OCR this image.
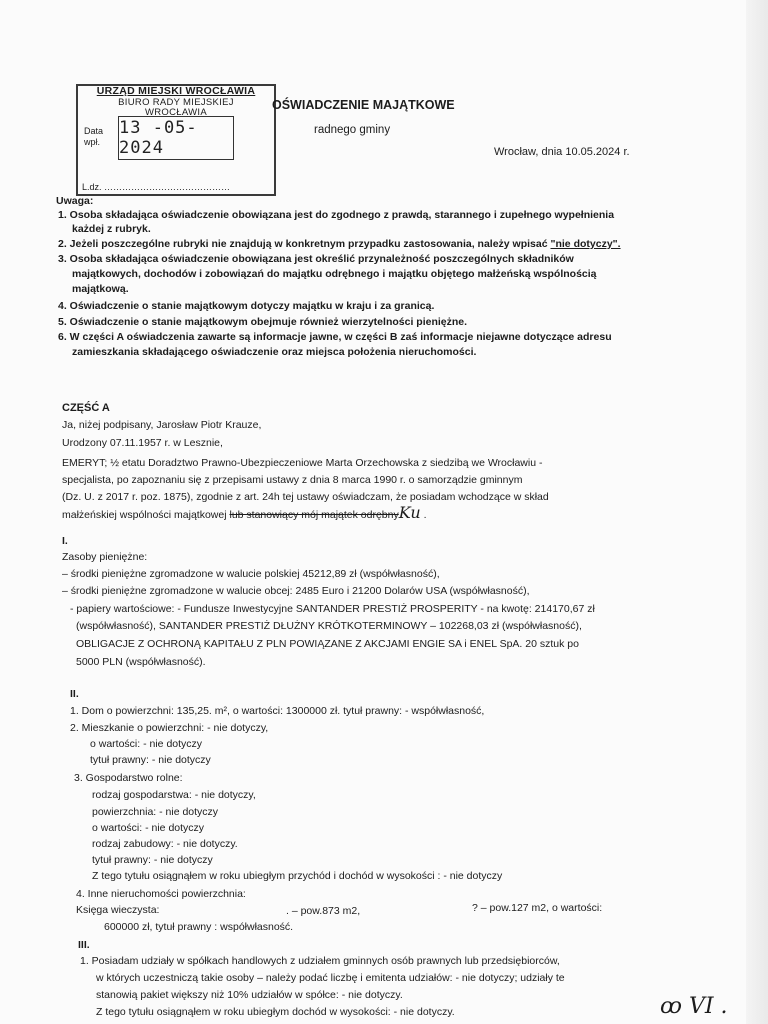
URZĄD MIEJSKI WROCŁAWIA
BIURO RADY MIEJSKIEJ
WROCŁAWIA
Data
wpł.
13 -05- 2024
L.dz. ……………………………………
OŚWIADCZENIE MAJĄTKOWE
radnego gminy
Wrocław, dnia 10.05.2024 r.
Uwaga:
1. Osoba składająca oświadczenie obowiązana jest do zgodnego z prawdą, starannego i zupełnego wypełnienia
każdej z rubryk.
2. Jeżeli poszczególne rubryki nie znajdują w konkretnym przypadku zastosowania, należy wpisać "nie dotyczy".
3. Osoba składająca oświadczenie obowiązana jest określić przynależność poszczególnych składników
majątkowych, dochodów i zobowiązań do majątku odrębnego i majątku objętego małżeńską wspólnością
majątkową.
4. Oświadczenie o stanie majątkowym dotyczy majątku w kraju i za granicą.
5. Oświadczenie o stanie majątkowym obejmuje również wierzytelności pieniężne.
6. W części A oświadczenia zawarte są informacje jawne, w części B zaś informacje niejawne dotyczące adresu
zamieszkania składającego oświadczenie oraz miejsca położenia nieruchomości.
CZĘŚĆ A
Ja, niżej podpisany, Jarosław Piotr Krauze,
Urodzony 07.11.1957 r. w Lesznie,
EMERYT; ½ etatu Doradztwo Prawno-Ubezpieczeniowe Marta Orzechowska z siedzibą we Wrocławiu -
specjalista, po zapoznaniu się z przepisami ustawy z dnia 8 marca 1990 r. o samorządzie gminnym
(Dz. U. z 2017 r. poz. 1875), zgodnie z art. 24h tej ustawy oświadczam, że posiadam wchodzące w skład
małżeńskiej wspólności majątkowej lub stanowiący mój majątek odrębnyKu .
I.
Zasoby pieniężne:
– środki pieniężne zgromadzone w walucie polskiej 45212,89 zł (współwłasność),
– środki pieniężne zgromadzone w walucie obcej: 2485 Euro i 21200 Dolarów USA (współwłasność),
- papiery wartościowe: - Fundusze Inwestycyjne SANTANDER PRESTIŻ PROSPERITY - na kwotę: 214170,67 zł
(współwłasność), SANTANDER PRESTIŻ DŁUŻNY KRÓTKOTERMINOWY – 102268,03 zł (współwłasność),
OBLIGACJE Z OCHRONĄ KAPITAŁU Z PLN POWIĄZANE Z AKCJAMI ENGIE SA i ENEL SpA. 20 sztuk po
5000 PLN (współwłasność).
II.
1. Dom o powierzchni: 135,25. m², o wartości: 1300000 zł. tytuł prawny: - współwłasność,
2. Mieszkanie o powierzchni: - nie dotyczy,
o wartości: - nie dotyczy
tytuł prawny: - nie dotyczy
3. Gospodarstwo rolne:
rodzaj gospodarstwa: - nie dotyczy,
powierzchnia: - nie dotyczy
o wartości: - nie dotyczy
rodzaj zabudowy: - nie dotyczy.
tytuł prawny: - nie dotyczy
Z tego tytułu osiągnąłem w roku ubiegłym przychód i dochód w wysokości : - nie dotyczy
4. Inne nieruchomości powierzchnia:
Księga wieczysta:	. – pow.873 m2,	? – pow.127 m2, o wartości:
600000 zł, tytuł prawny : współwłasność.
III.
1. Posiadam udziały w spółkach handlowych z udziałem gminnych osób prawnych lub przedsiębiorców,
w których uczestniczą takie osoby – należy podać liczbę i emitenta udziałów: - nie dotyczy; udziały te
stanowią pakiet większy niż 10% udziałów w spółce: - nie dotyczy.
Z tego tytułu osiągnąłem w roku ubiegłym dochód w wysokości: - nie dotyczy.	ꝏ VI .
